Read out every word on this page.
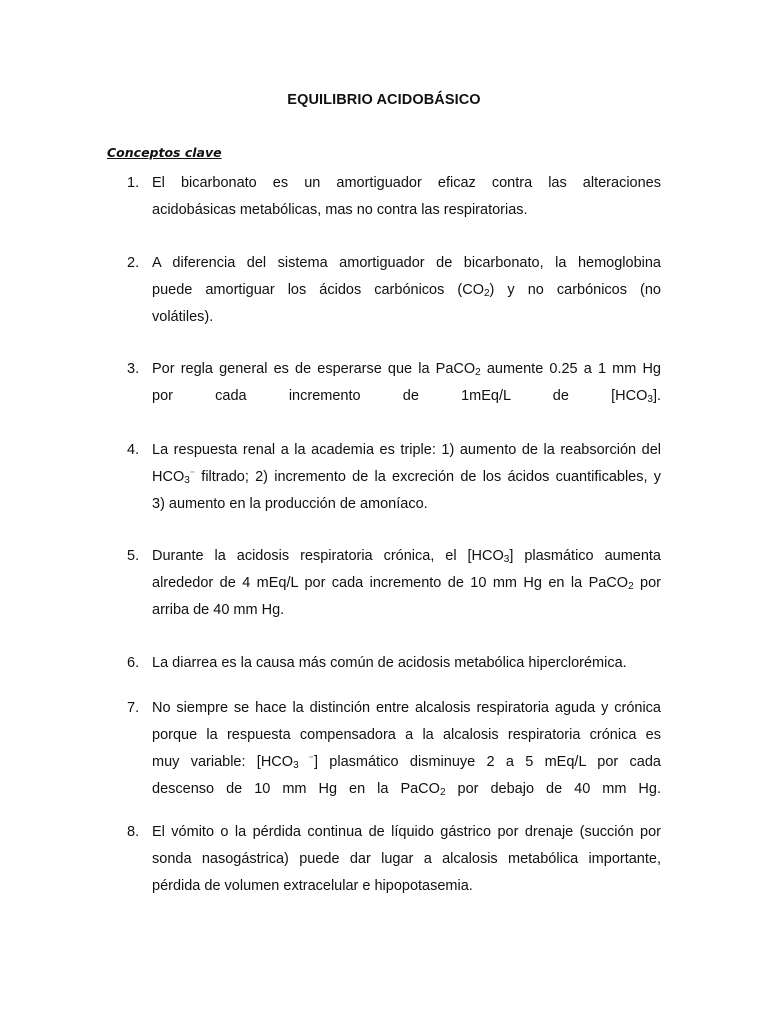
EQUILIBRIO ACIDOBÁSICO
Conceptos clave
1. El bicarbonato es un amortiguador eficaz contra las alteraciones
acidobásicas metabólicas, mas no contra las respiratorias.
2. A diferencia del sistema amortiguador de bicarbonato, la hemoglobina
puede amortiguar los ácidos carbónicos $(CO_2)$ y no carbónicos (no
volátiles).
3. Por regla general es de esperarse que la PaCO$_2$ aumente 0.25 a 1 mm Hg
por cada incremento de 1mEq/L de $[HCO_3]$.
4. La respuesta renal a la academia es triple: 1) aumento de la reabsorción del
$HCO_3^{^-}$ filtrado; 2) incremento de la excreción de los ácidos cuantificables, y
3) aumento en la producción de amoníaco.
5. Durante la acidosis respiratoria crónica, el $[HCO_3]$ plasmático aumenta
alrededor de 4 mEq/L por cada incremento de 10 mm Hg en la PaCO$_2$ por
arriba de 40 mm Hg.
6. La diarrea es la causa más común de acidosis metabólica hiperclorémica.
7. No siempre se hace la distinción entre alcalosis respiratoria aguda y crónica
porque la respuesta compensadora a la alcalosis respiratoria crónica es
muy variable: [$HCO_3$ ⁻] plasmático disminuye 2 a 5 mEq/L por cada
descenso de 10 mm Hg en la PaCO$_2$ por debajo de 40 mm Hg.
8. El vómito o la pérdida continua de líquido gástrico por drenaje (succión por
sonda nasogástrica) puede dar lugar a alcalosis metabólica importante,
pérdida de volumen extracelular e hipopotasemia.
